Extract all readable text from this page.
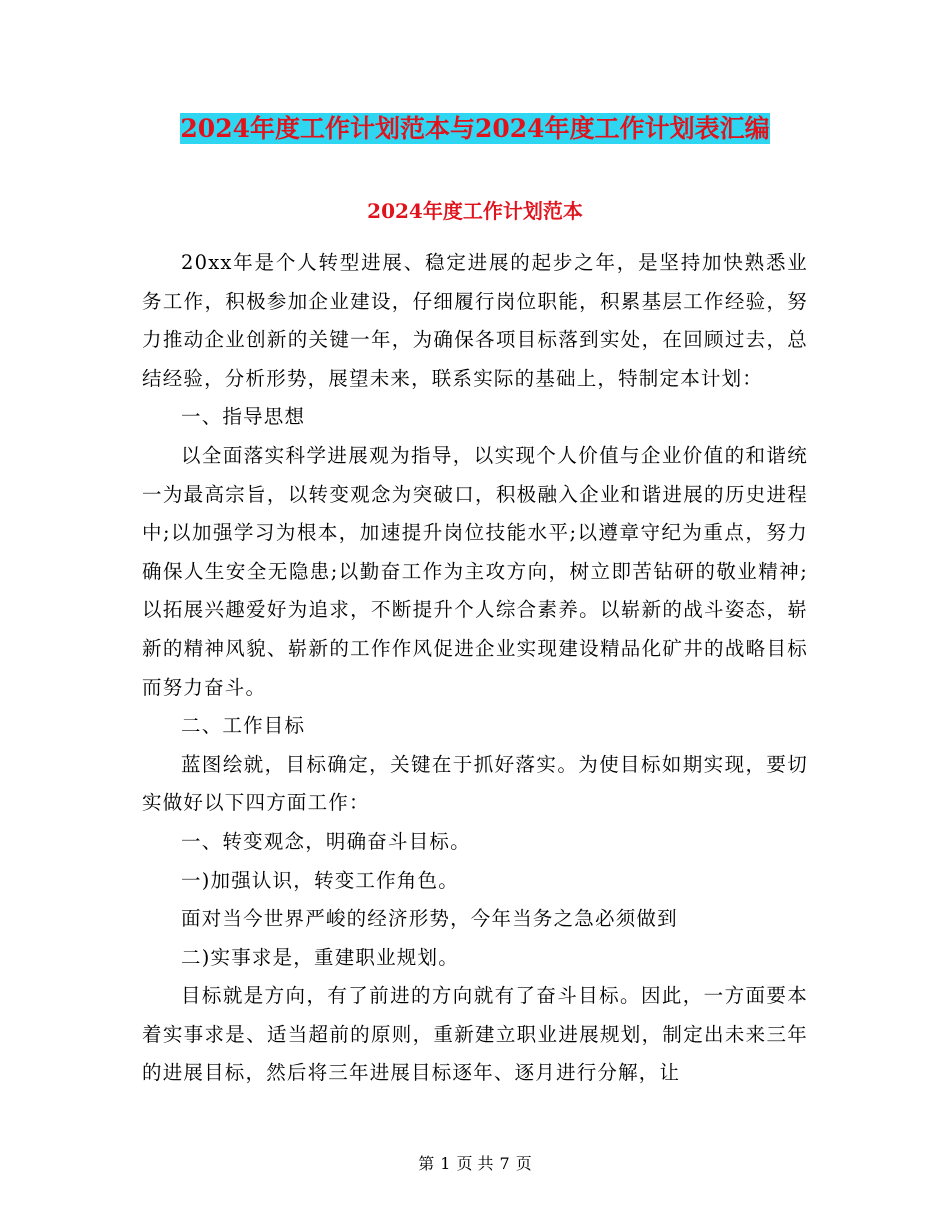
2024年度工作计划范本与2024年度工作计划表汇编
2024年度工作计划范本

20xx年是个人转型进展、稳定进展的起步之年，是坚持加快熟悉业务工作，积极参加企业建设，仔细履行岗位职能，积累基层工作经验，努力推动企业创新的关键一年，为确保各项目标落到实处，在回顾过去，总结经验，分析形势，展望未来，联系实际的基础上，特制定本计划：

一、指导思想

以全面落实科学进展观为指导，以实现个人价值与企业价值的和谐统一为最高宗旨，以转变观念为突破口，积极融入企业和谐进展的历史进程中;以加强学习为根本，加速提升岗位技能水平;以遵章守纪为重点，努力确保人生安全无隐患;以勤奋工作为主攻方向，树立即苦钻研的敬业精神;以拓展兴趣爱好为追求，不断提升个人综合素养。以崭新的战斗姿态，崭新的精神风貌、崭新的工作作风促进企业实现建设精品化矿井的战略目标而努力奋斗。

二、工作目标

蓝图绘就，目标确定，关键在于抓好落实。为使目标如期实现，要切实做好以下四方面工作：

一、转变观念，明确奋斗目标。

一)加强认识，转变工作角色。

面对当今世界严峻的经济形势，今年当务之急必须做到

二)实事求是，重建职业规划。

目标就是方向，有了前进的方向就有了奋斗目标。因此，一方面要本着实事求是、适当超前的原则，重新建立职业进展规划，制定出未来三年的进展目标，然后将三年进展目标逐年、逐月进行分解，让

第 1 页 共 7 页
